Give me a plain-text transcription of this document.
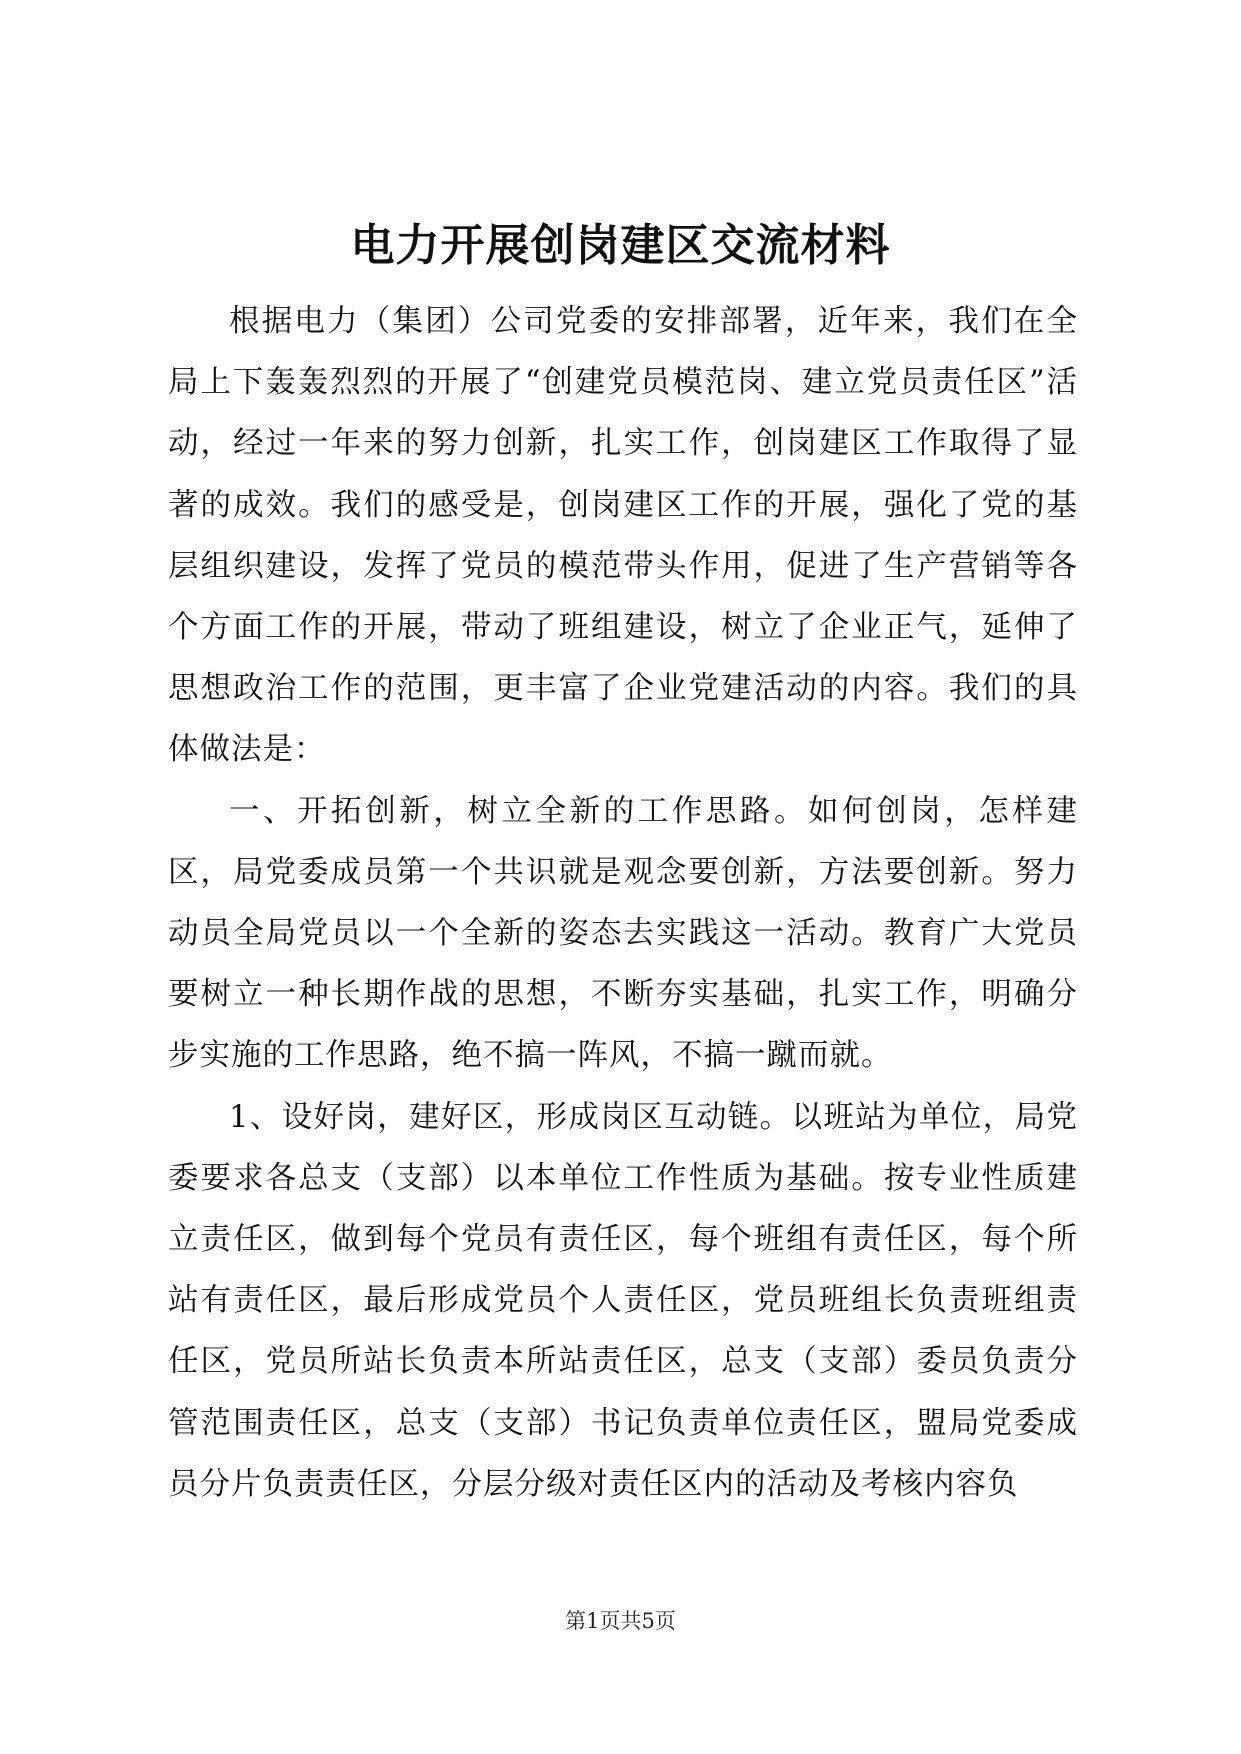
电力开展创岗建区交流材料

根据电力（集团）公司党委的安排部署，近年来，我们在全局上下轰轰烈烈的开展了“创建党员模范岗、建立党员责任区”活动，经过一年来的努力创新，扎实工作，创岗建区工作取得了显著的成效。我们的感受是，创岗建区工作的开展，强化了党的基层组织建设，发挥了党员的模范带头作用，促进了生产营销等各个方面工作的开展，带动了班组建设，树立了企业正气，延伸了思想政治工作的范围，更丰富了企业党建活动的内容。我们的具体做法是：

一、开拓创新，树立全新的工作思路。如何创岗，怎样建区，局党委成员第一个共识就是观念要创新，方法要创新。努力动员全局党员以一个全新的姿态去实践这一活动。教育广大党员要树立一种长期作战的思想，不断夯实基础，扎实工作，明确分步实施的工作思路，绝不搞一阵风，不搞一蹴而就。

1、设好岗，建好区，形成岗区互动链。以班站为单位，局党委要求各总支（支部）以本单位工作性质为基础。按专业性质建立责任区，做到每个党员有责任区，每个班组有责任区，每个所站有责任区，最后形成党员个人责任区，党员班组长负责班组责任区，党员所站长负责本所站责任区，总支（支部）委员负责分管范围责任区，总支（支部）书记负责单位责任区，盟局党委成员分片负责责任区，分层分级对责任区内的活动及考核内容负

第1页共5页
